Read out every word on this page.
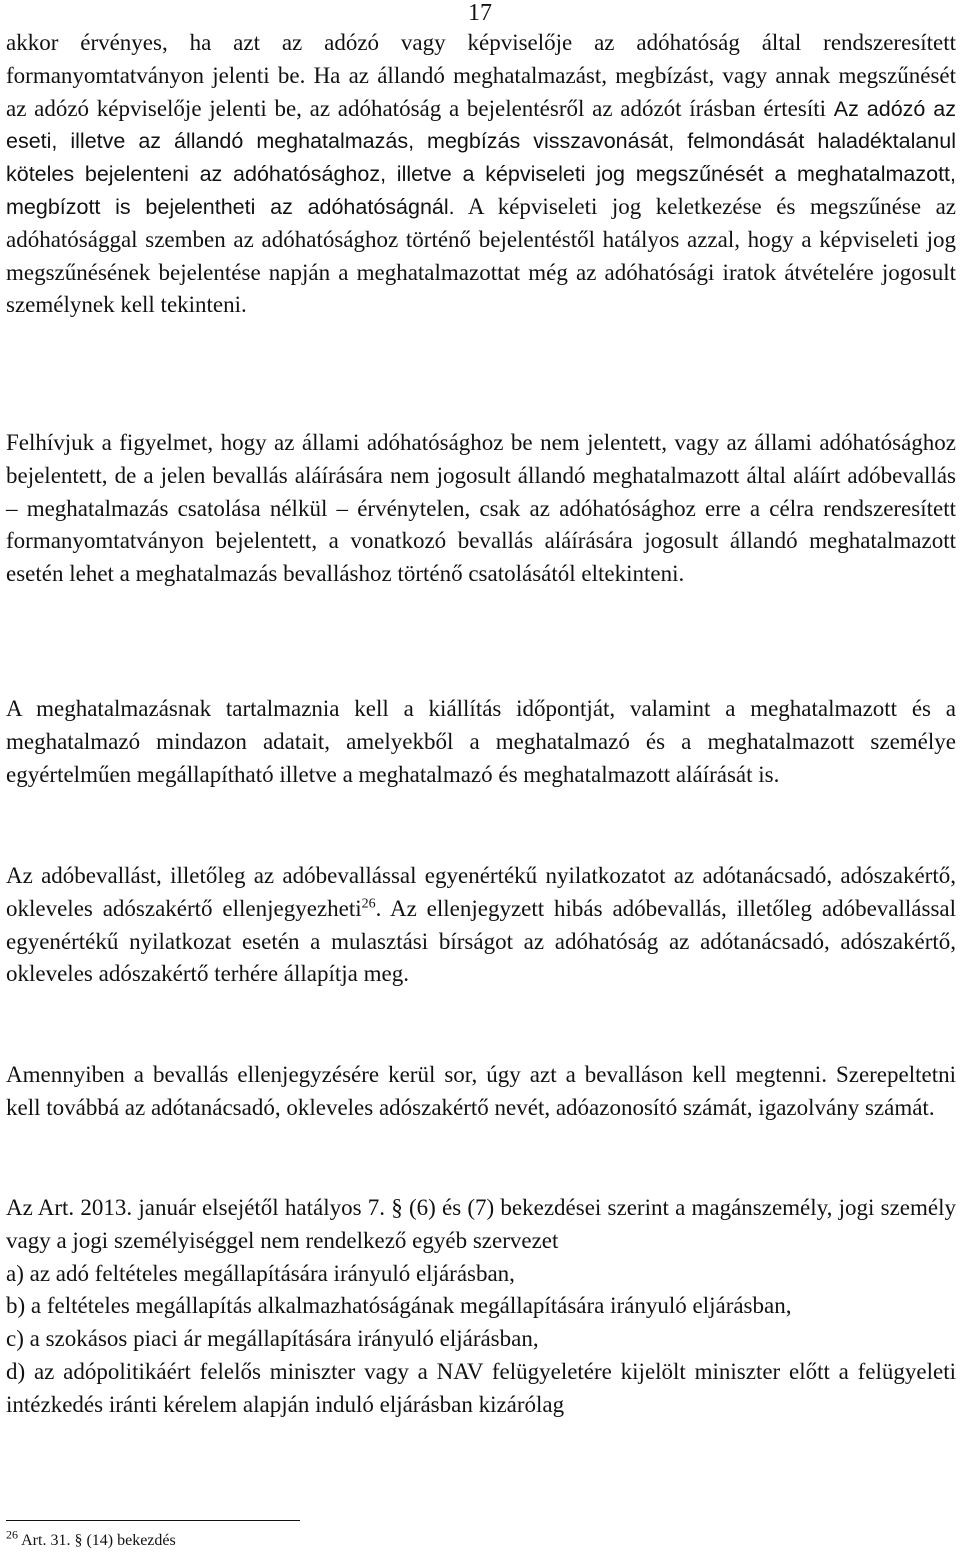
17

akkor érvényes, ha azt az adózó vagy képviselője az adóhatóság által rendszeresített formanyomtatványon jelenti be. Ha az állandó meghatalmazást, megbízást, vagy annak megszűnését az adózó képviselője jelenti be, az adóhatóság a bejelentésről az adózót írásban értesíti Az adózó az eseti, illetve az állandó meghatalmazás, megbízás visszavonását, felmondását haladéktalanul köteles bejelenteni az adóhatósághoz, illetve a képviseleti jog megszűnését a meghatalmazott, megbízott is bejelentheti az adóhatóságnál. A képviseleti jog keletkezése és megszűnése az adóhatósággal szemben az adóhatósághoz történő bejelentéstől hatályos azzal, hogy a képviseleti jog megszűnésének bejelentése napján a meghatalmazottat még az adóhatósági iratok átvételére jogosult személynek kell tekinteni.

Felhívjuk a figyelmet, hogy az állami adóhatósághoz be nem jelentett, vagy az állami adóhatósághoz bejelentett, de a jelen bevallás aláírására nem jogosult állandó meghatalmazott által aláírt adóbevallás – meghatalmazás csatolása nélkül – érvénytelen, csak az adóhatósághoz erre a célra rendszeresített formanyomtatványon bejelentett, a vonatkozó bevallás aláírására jogosult állandó meghatalmazott esetén lehet a meghatalmazás bevalláshoz történő csatolásától eltekinteni.

A meghatalmazásnak tartalmaznia kell a kiállítás időpontját, valamint a meghatalmazott és a meghatalmazó mindazon adatait, amelyekből a meghatalmazó és a meghatalmazott személye egyértelműen megállapítható illetve a meghatalmazó és meghatalmazott aláírását is.

Az adóbevallást, illetőleg az adóbevallással egyenértékű nyilatkozatot az adótanácsadó, adószakértő, okleveles adószakértő ellenjegyezheti$^{26}$. Az ellenjegyzett hibás adóbevallás, illetőleg adóbevallással egyenértékű nyilatkozat esetén a mulasztási bírságot az adóhatóság az adótanácsadó, adószakértő, okleveles adószakértő terhére állapítja meg.

Amennyiben a bevallás ellenjegyzésére kerül sor, úgy azt a bevalláson kell megtenni. Szerepeltetni kell továbbá az adótanácsadó, okleveles adószakértő nevét, adóazonosító számát, igazolvány számát.

Az Art. 2013. január elsejétől hatályos 7. § (6) és (7) bekezdései szerint a magánszemély, jogi személy vagy a jogi személyiséggel nem rendelkező egyéb szervezet

a) az adó feltételes megállapítására irányuló eljárásban,

b) a feltételes megállapítás alkalmazhatóságának megállapítására irányuló eljárásban,

c) a szokásos piaci ár megállapítására irányuló eljárásban,

d) az adópolitikáért felelős miniszter vagy a NAV felügyeletére kijelölt miniszter előtt a felügyeleti intézkedés iránti kérelem alapján induló eljárásban kizárólag

$^{26}$ Art. 31. § (14) bekezdés
